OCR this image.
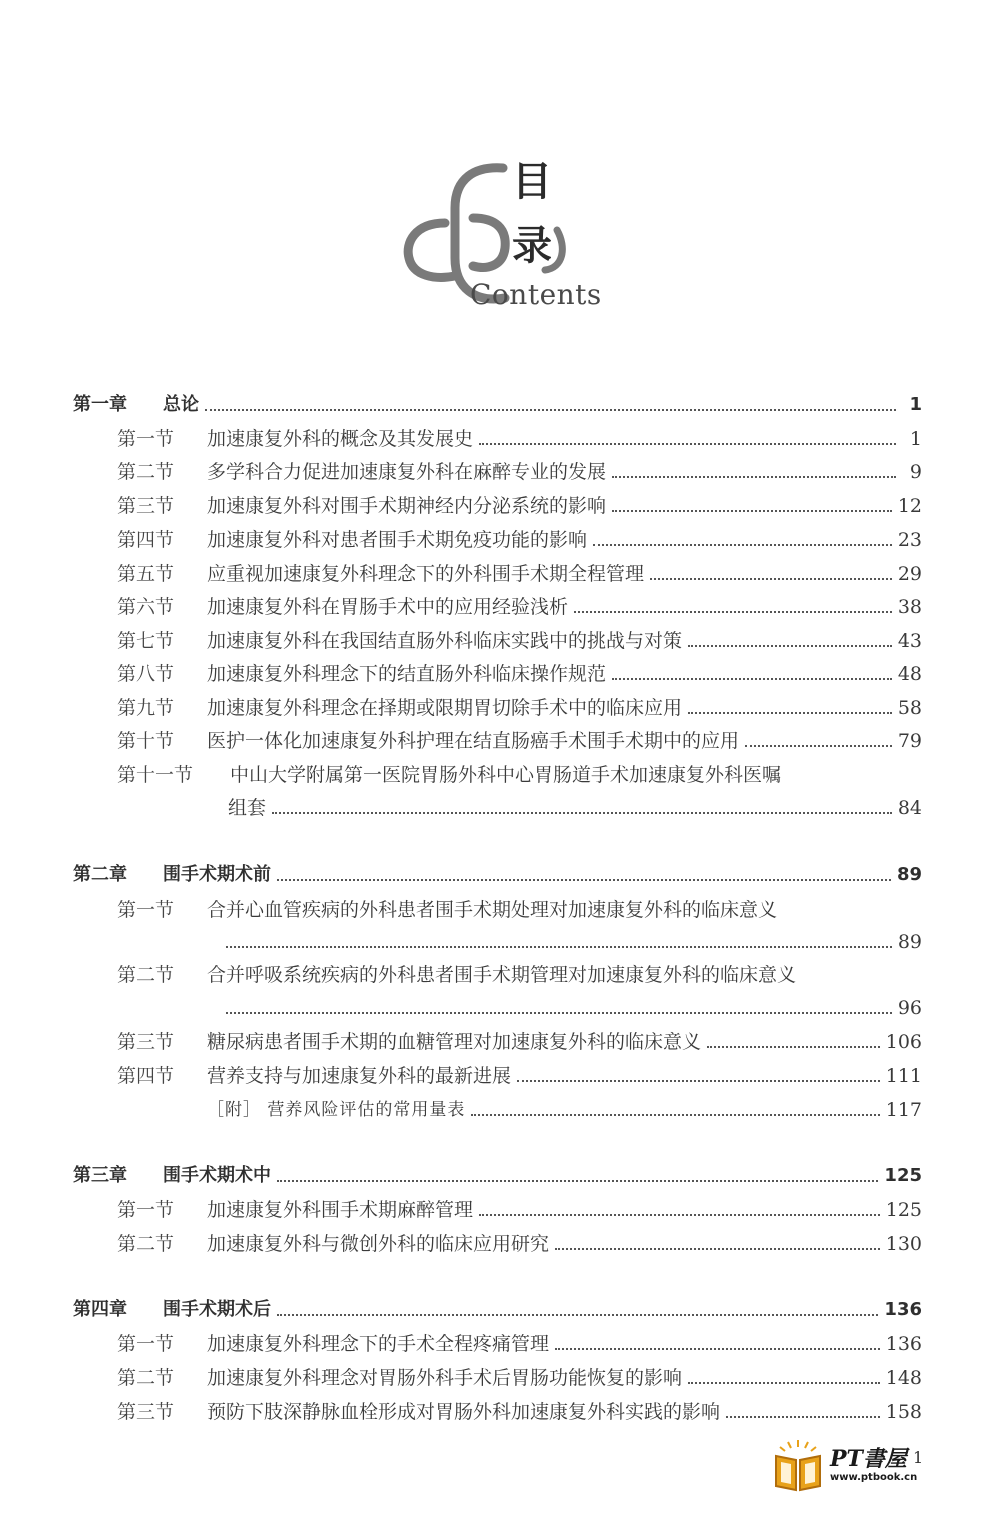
目
录
Contents
第一章	总论	1
第一节	加速康复外科的概念及其发展史	1
第二节	多学科合力促进加速康复外科在麻醉专业的发展	9
第三节	加速康复外科对围手术期神经内分泌系统的影响	12
第四节	加速康复外科对患者围手术期免疫功能的影响	23
第五节	应重视加速康复外科理念下的外科围手术期全程管理	29
第六节	加速康复外科在胃肠手术中的应用经验浅析	38
第七节	加速康复外科在我国结直肠外科临床实践中的挑战与对策	43
第八节	加速康复外科理念下的结直肠外科临床操作规范	48
第九节	加速康复外科理念在择期或限期胃切除手术中的临床应用	58
第十节	医护一体化加速康复外科护理在结直肠癌手术围手术期中的应用	79
第十一节	中山大学附属第一医院胃肠外科中心胃肠道手术加速康复外科医嘱
组套	84
第二章	围手术期术前	89
第一节	合并心血管疾病的外科患者围手术期处理对加速康复外科的临床意义
89
第二节	合并呼吸系统疾病的外科患者围手术期管理对加速康复外科的临床意义
96
第三节	糖尿病患者围手术期的血糖管理对加速康复外科的临床意义	106
第四节	营养支持与加速康复外科的最新进展	111
［附］ 营养风险评估的常用量表	117
第三章	围手术期术中	125
第一节	加速康复外科围手术期麻醉管理	125
第二节	加速康复外科与微创外科的临床应用研究	130
第四章	围手术期术后	136
第一节	加速康复外科理念下的手术全程疼痛管理	136
第二节	加速康复外科理念对胃肠外科手术后胃肠功能恢复的影响	148
第三节	预防下肢深静脉血栓形成对胃肠外科加速康复外科实践的影响	158
PT書屋 1
www.ptbook.cn
